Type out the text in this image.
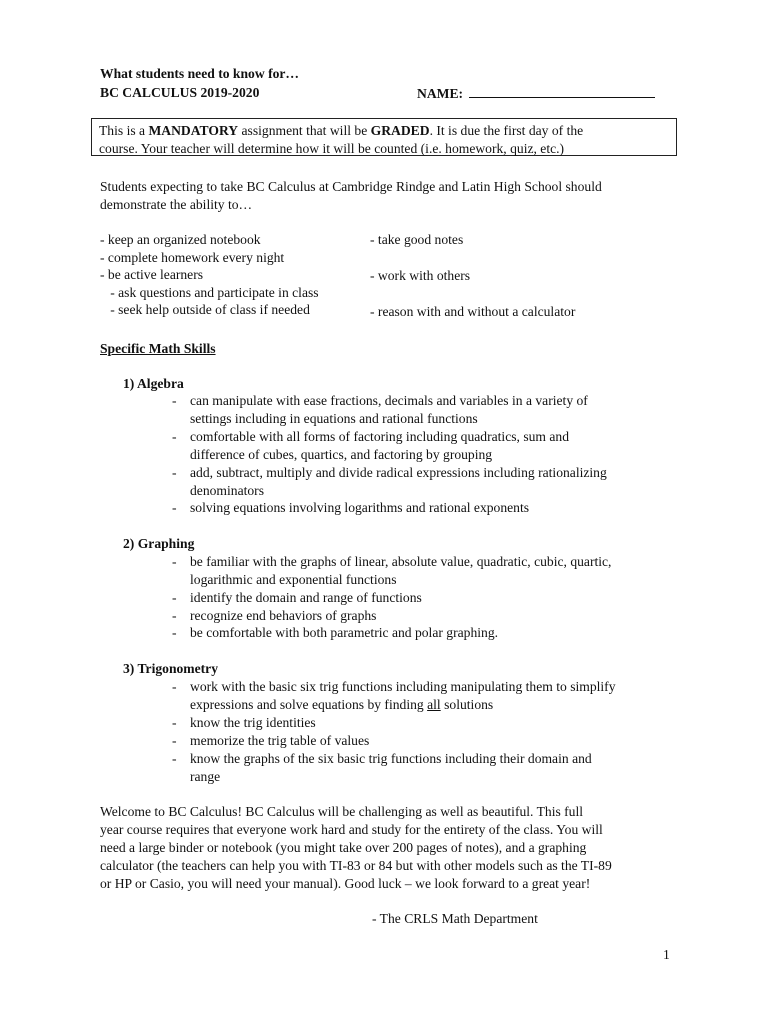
What students need to know for…
BC CALCULUS 2019-2020	NAME:
This is a MANDATORY assignment that will be GRADED. It is due the first day of the
course. Your teacher will determine how it will be counted (i.e. homework, quiz, etc.)
Students expecting to take BC Calculus at Cambridge Rindge and Latin High School should
demonstrate the ability to…
- keep an organized notebook
- complete homework every night
- be active learners
- ask questions and participate in class
- seek help outside of class if needed
- take good notes
- work with others
- reason with and without a calculator
Specific Math Skills
1) Algebra
- can manipulate with ease fractions, decimals and variables in a variety of
settings including in equations and rational functions
- comfortable with all forms of factoring including quadratics, sum and
difference of cubes, quartics, and factoring by grouping
- add, subtract, multiply and divide radical expressions including rationalizing
denominators
- solving equations involving logarithms and rational exponents
2) Graphing
- be familiar with the graphs of linear, absolute value, quadratic, cubic, quartic,
logarithmic and exponential functions
- identify the domain and range of functions
- recognize end behaviors of graphs
- be comfortable with both parametric and polar graphing.
3) Trigonometry
- work with the basic six trig functions including manipulating them to simplify
expressions and solve equations by finding all solutions
- know the trig identities
- memorize the trig table of values
- know the graphs of the six basic trig functions including their domain and
range
Welcome to BC Calculus! BC Calculus will be challenging as well as beautiful. This full
year course requires that everyone work hard and study for the entirety of the class. You will
need a large binder or notebook (you might take over 200 pages of notes), and a graphing
calculator (the teachers can help you with TI-83 or 84 but with other models such as the TI-89
or HP or Casio, you will need your manual). Good luck – we look forward to a great year!
- The CRLS Math Department
1
